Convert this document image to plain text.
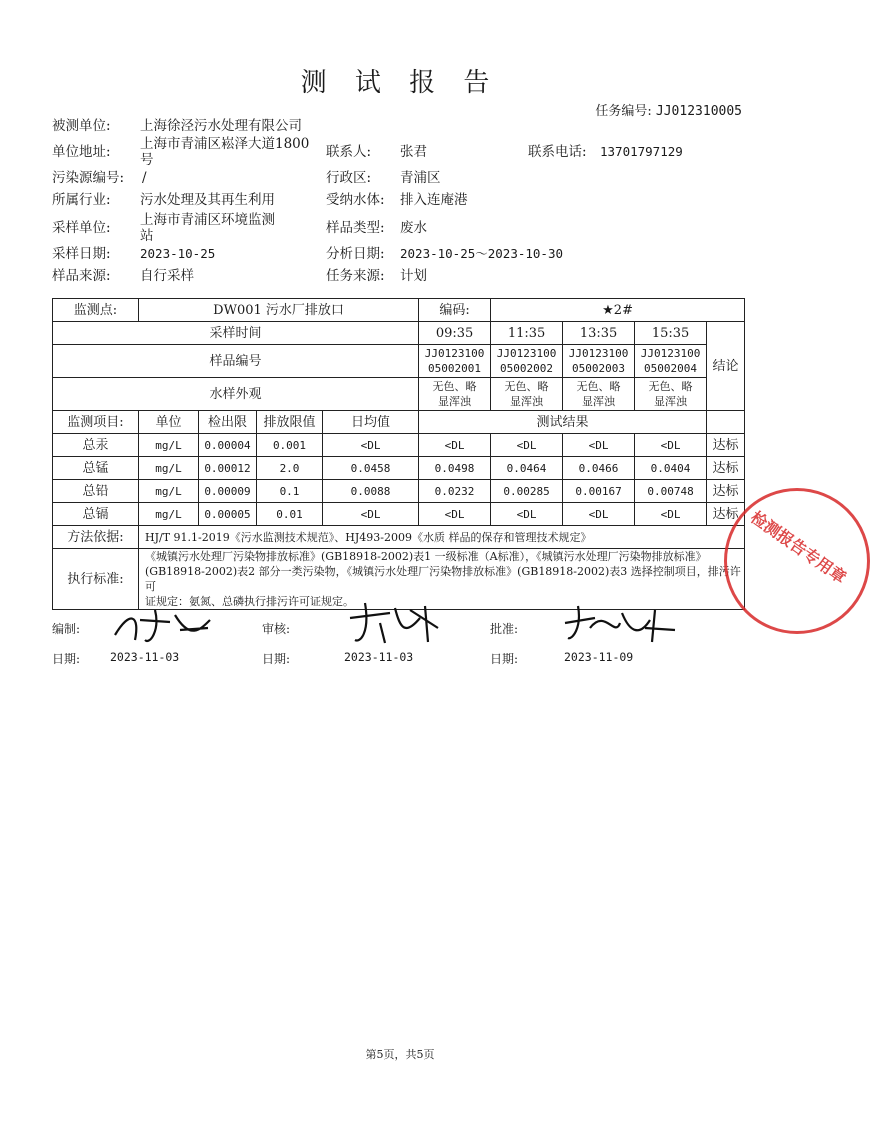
测 试 报 告
任务编号: JJ012310005
被测单位: 上海徐泾污水处理有限公司
单位地址: 上海市青浦区崧泽大道1800
号	联系人: 张君	联系电话: 13701797129
污染源编号: /	行政区: 青浦区
所属行业: 污水处理及其再生利用	受纳水体: 排入连庵港
采样单位: 上海市青浦区环境监测
站	样品类型: 废水
采样日期: 2023-10-25	分析日期: 2023-10-25～2023-10-30
样品来源: 自行采样	任务来源: 计划
监测点:	DW001 污水厂排放口				编码:	★2#			
采样时间					09:35	11:35	13:35	15:35	结论
样品编号					JJ0123100
05002001	JJ0123100
05002002	JJ0123100
05002003	JJ0123100
05002004	
水样外观					无色、略
显浑浊	无色、略
显浑浊	无色、略
显浑浊	无色、略
显浑浊	
监测项目:	单位	检出限	排放限值	日均值	测试结果				
总汞	mg/L	0.00004	0.001	<DL	<DL	<DL	<DL	<DL	达标
总锰	mg/L	0.00012	2.0	0.0458	0.0498	0.0464	0.0466	0.0404	达标
总铅	mg/L	0.00009	0.1	0.0088	0.0232	0.00285	0.00167	0.00748	达标
总镉	mg/L	0.00005	0.01	<DL	<DL	<DL	<DL	<DL	达标
方法依据:	HJ/T 91.1-2019《污水监测技术规范》、HJ493-2009《水质 样品的保存和管理技术规定》								
执行标准:	《城镇污水处理厂污染物排放标准》(GB18918-2002)表1 一级标准（A标准），《城镇污水处理厂污染物排放标准》
(GB18918-2002)表2 部分一类污染物，《城镇污水处理厂污染物排放标准》(GB18918-2002)表3 选择控制项目，排污许可
证规定：氨氮、总磷执行排污许可证规定。								
检测报告专用章
编制:	审核:	批准:
日期:	2023-11-03	日期:	2023-11-03	日期:	2023-11-09
第5页，共5页
